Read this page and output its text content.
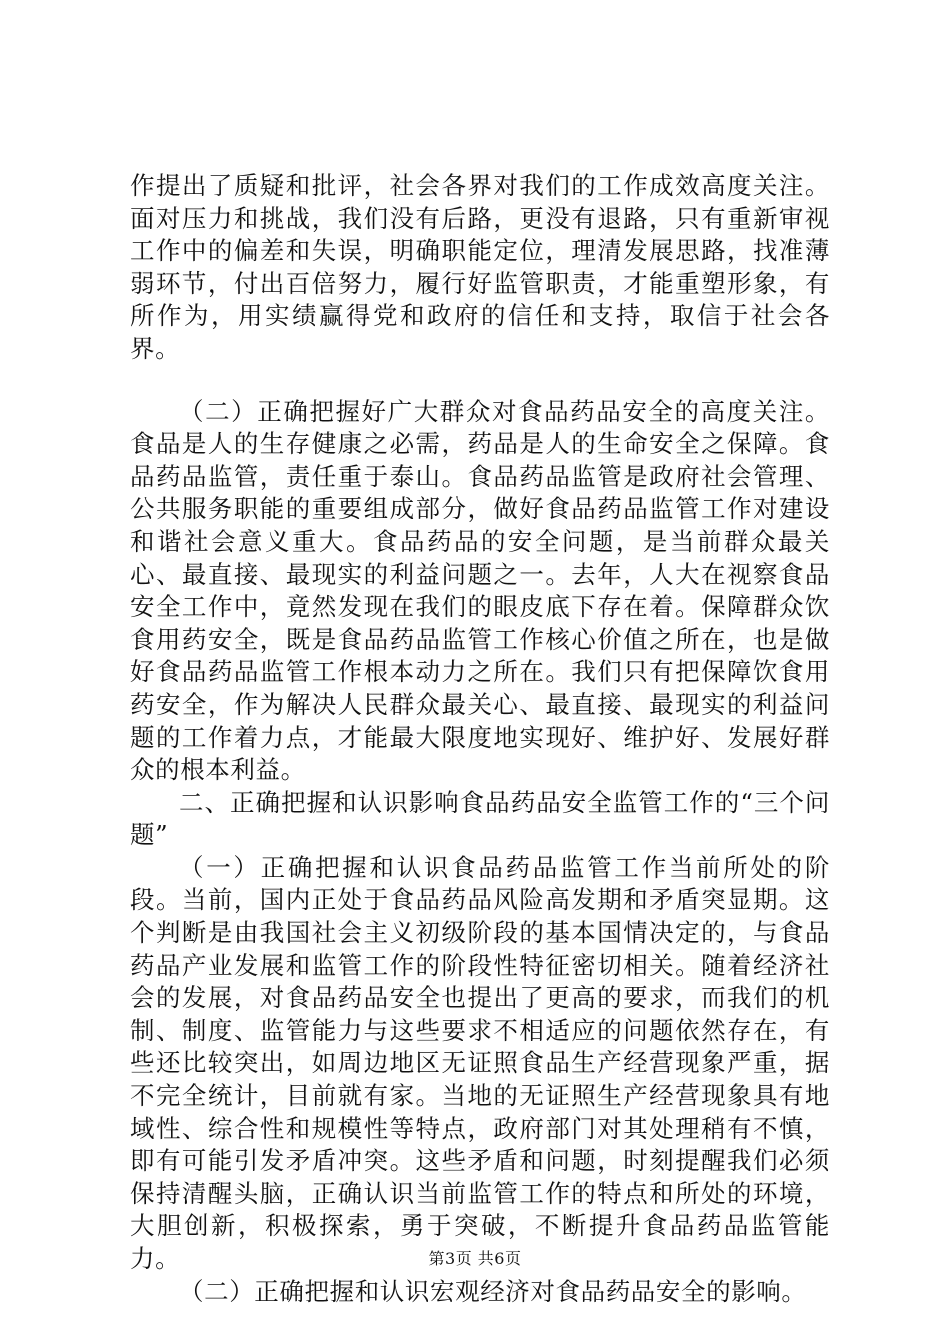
作提出了质疑和批评，社会各界对我们的工作成效高度关注。面对压力和挑战，我们没有后路，更没有退路，只有重新审视工作中的偏差和失误，明确职能定位，理清发展思路，找准薄弱环节，付出百倍努力，履行好监管职责，才能重塑形象，有所作为，用实绩赢得党和政府的信任和支持，取信于社会各界。

（二）正确把握好广大群众对食品药品安全的高度关注。食品是人的生存健康之必需，药品是人的生命安全之保障。食品药品监管，责任重于泰山。食品药品监管是政府社会管理、公共服务职能的重要组成部分，做好食品药品监管工作对建设和谐社会意义重大。食品药品的安全问题，是当前群众最关心、最直接、最现实的利益问题之一。去年，人大在视察食品安全工作中，竟然发现在我们的眼皮底下存在着。保障群众饮食用药安全，既是食品药品监管工作核心价值之所在，也是做好食品药品监管工作根本动力之所在。我们只有把保障饮食用药安全，作为解决人民群众最关心、最直接、最现实的利益问题的工作着力点，才能最大限度地实现好、维护好、发展好群众的根本利益。

二、正确把握和认识影响食品药品安全监管工作的“三个问题”

（一）正确把握和认识食品药品监管工作当前所处的阶段。当前，国内正处于食品药品风险高发期和矛盾突显期。这个判断是由我国社会主义初级阶段的基本国情决定的，与食品药品产业发展和监管工作的阶段性特征密切相关。随着经济社会的发展，对食品药品安全也提出了更高的要求，而我们的机制、制度、监管能力与这些要求不相适应的问题依然存在，有些还比较突出，如周边地区无证照食品生产经营现象严重，据不完全统计，目前就有家。当地的无证照生产经营现象具有地域性、综合性和规模性等特点，政府部门对其处理稍有不慎，即有可能引发矛盾冲突。这些矛盾和问题，时刻提醒我们必须保持清醒头脑，正确认识当前监管工作的特点和所处的环境，大胆创新，积极探索，勇于突破，不断提升食品药品监管能力。

（二）正确把握和认识宏观经济对食品药品安全的影响。

第3页 共6页
